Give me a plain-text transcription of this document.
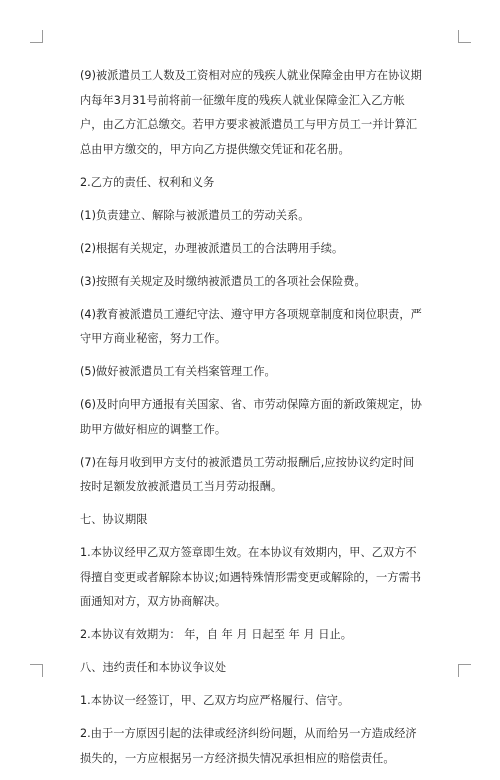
(9)被派遣员工人数及工资相对应的残疾人就业保障金由甲方在协议期内每年3月31号前将前一征缴年度的残疾人就业保障金汇入乙方帐户，由乙方汇总缴交。若甲方要求被派遣员工与甲方员工一并计算汇总由甲方缴交的，甲方向乙方提供缴交凭证和花名册。

2.乙方的责任、权利和义务

(1)负责建立、解除与被派遣员工的劳动关系。

(2)根据有关规定，办理被派遣员工的合法聘用手续。

(3)按照有关规定及时缴纳被派遣员工的各项社会保险费。

(4)教育被派遣员工遵纪守法、遵守甲方各项规章制度和岗位职责，严守甲方商业秘密，努力工作。

(5)做好被派遣员工有关档案管理工作。

(6)及时向甲方通报有关国家、省、市劳动保障方面的新政策规定，协助甲方做好相应的调整工作。

(7)在每月收到甲方支付的被派遣员工劳动报酬后,应按协议约定时间按时足额发放被派遣员工当月劳动报酬。

七、协议期限

1.本协议经甲乙双方签章即生效。在本协议有效期内，甲、乙双方不得擅自变更或者解除本协议;如遇特殊情形需变更或解除的，一方需书面通知对方，双方协商解决。

2.本协议有效期为： 年，自 年 月 日起至 年 月 日止。

八、违约责任和本协议争议处

1.本协议一经签订，甲、乙双方均应严格履行、信守。

2.由于一方原因引起的法律或经济纠纷问题，从而给另一方造成经济损失的，一方应根据另一方经济损失情况承担相应的赔偿责任。
